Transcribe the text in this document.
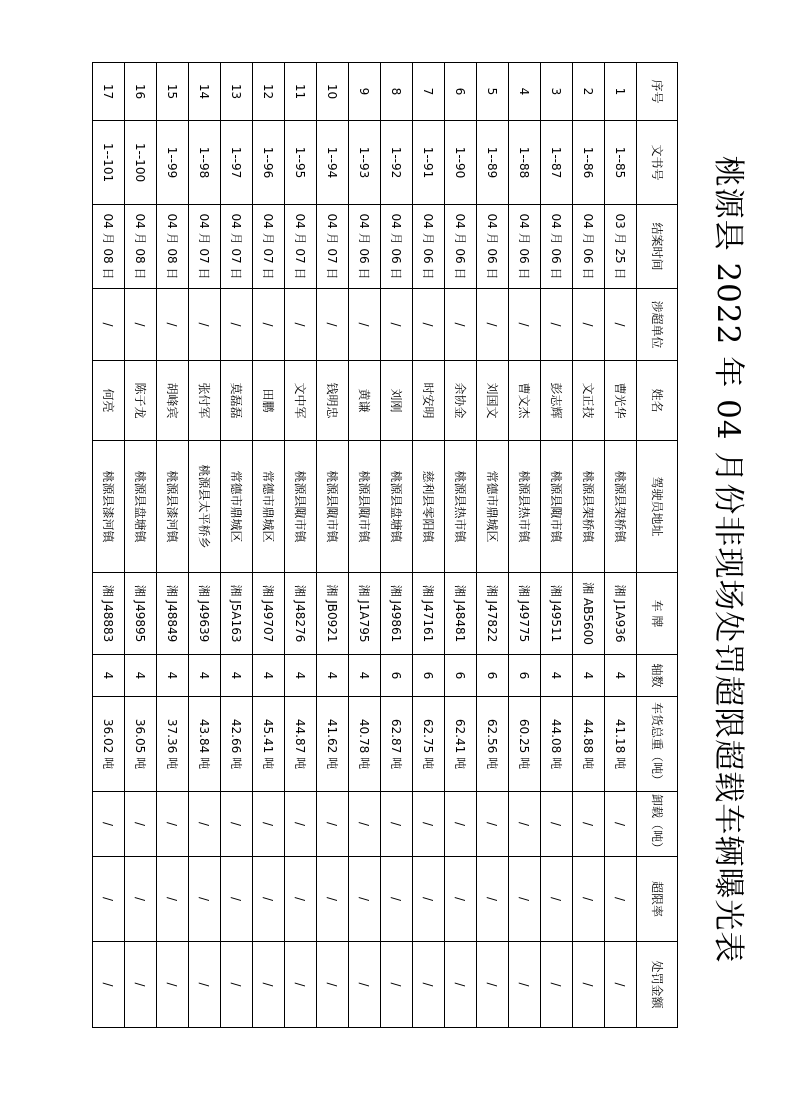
桃源县 2022 年 04 月份非现场处罚超限超载车辆曝光表
序号	文书号	结案时间	涉超单位	姓名	驾驶员地址	车 牌	轴数	车货总重（吨）	卸载（吨）	超限率	处罚金额
1	1--85	03 月 25 日	/	曹光华	桃源县架桥镇	湘 J1A936	4	41.18 吨	/	/	/
2	1--86	04 月 06 日	/	文正技	桃源县架桥镇	湘 AB5600	4	44.88 吨	/	/	/
3	1--87	04 月 06 日	/	彭志辉	桃源县陬市镇	湘 J49511	4	44.08 吨	/	/	/
4	1--88	04 月 06 日	/	曹文杰	桃源县热市镇	湘 J49775	6	60.25 吨	/	/	/
5	1--89	04 月 06 日	/	刘国文	常德市鼎城区	湘 J47822	6	62.56 吨	/	/	/
6	1--90	04 月 06 日	/	余协金	桃源县热市镇	湘 J48481	6	62.41 吨	/	/	/
7	1--91	04 月 06 日	/	时安明	慈利县零阳镇	湘 J47161	6	62.75 吨	/	/	/
8	1--92	04 月 06 日	/	刘刚	桃源县盘塘镇	湘 J49861	6	62.87 吨	/	/	/
9	1--93	04 月 06 日	/	黄谦	桃源县陬市镇	湘 J1A795	4	40.78 吨	/	/	/
10	1--94	04 月 07 日	/	钱明忠	桃源县陬市镇	湘 JB0921	4	41.62 吨	/	/	/
11	1--95	04 月 07 日	/	文中军	桃源县陬市镇	湘 J48276	4	44.87 吨	/	/	/
12	1--96	04 月 07 日	/	田鹏	常德市鼎城区	湘 J49707	4	45.41 吨	/	/	/
13	1--97	04 月 07 日	/	莫磊磊	常德市鼎城区	湘 J5A163	4	42.66 吨	/	/	/
14	1--98	04 月 07 日	/	张付军	桃源县太平桥乡	湘 J49639	4	43.84 吨	/	/	/
15	1--99	04 月 08 日	/	胡峰宾	桃源县漆河镇	湘 J48849	4	37.36 吨	/	/	/
16	1--100	04 月 08 日	/	陈子龙	桃源县盘塘镇	湘 J49895	4	36.05 吨	/	/	/
17	1--101	04 月 08 日	/	何亮	桃源县漆河镇	湘 J48883	4	36.02 吨	/	/	/
